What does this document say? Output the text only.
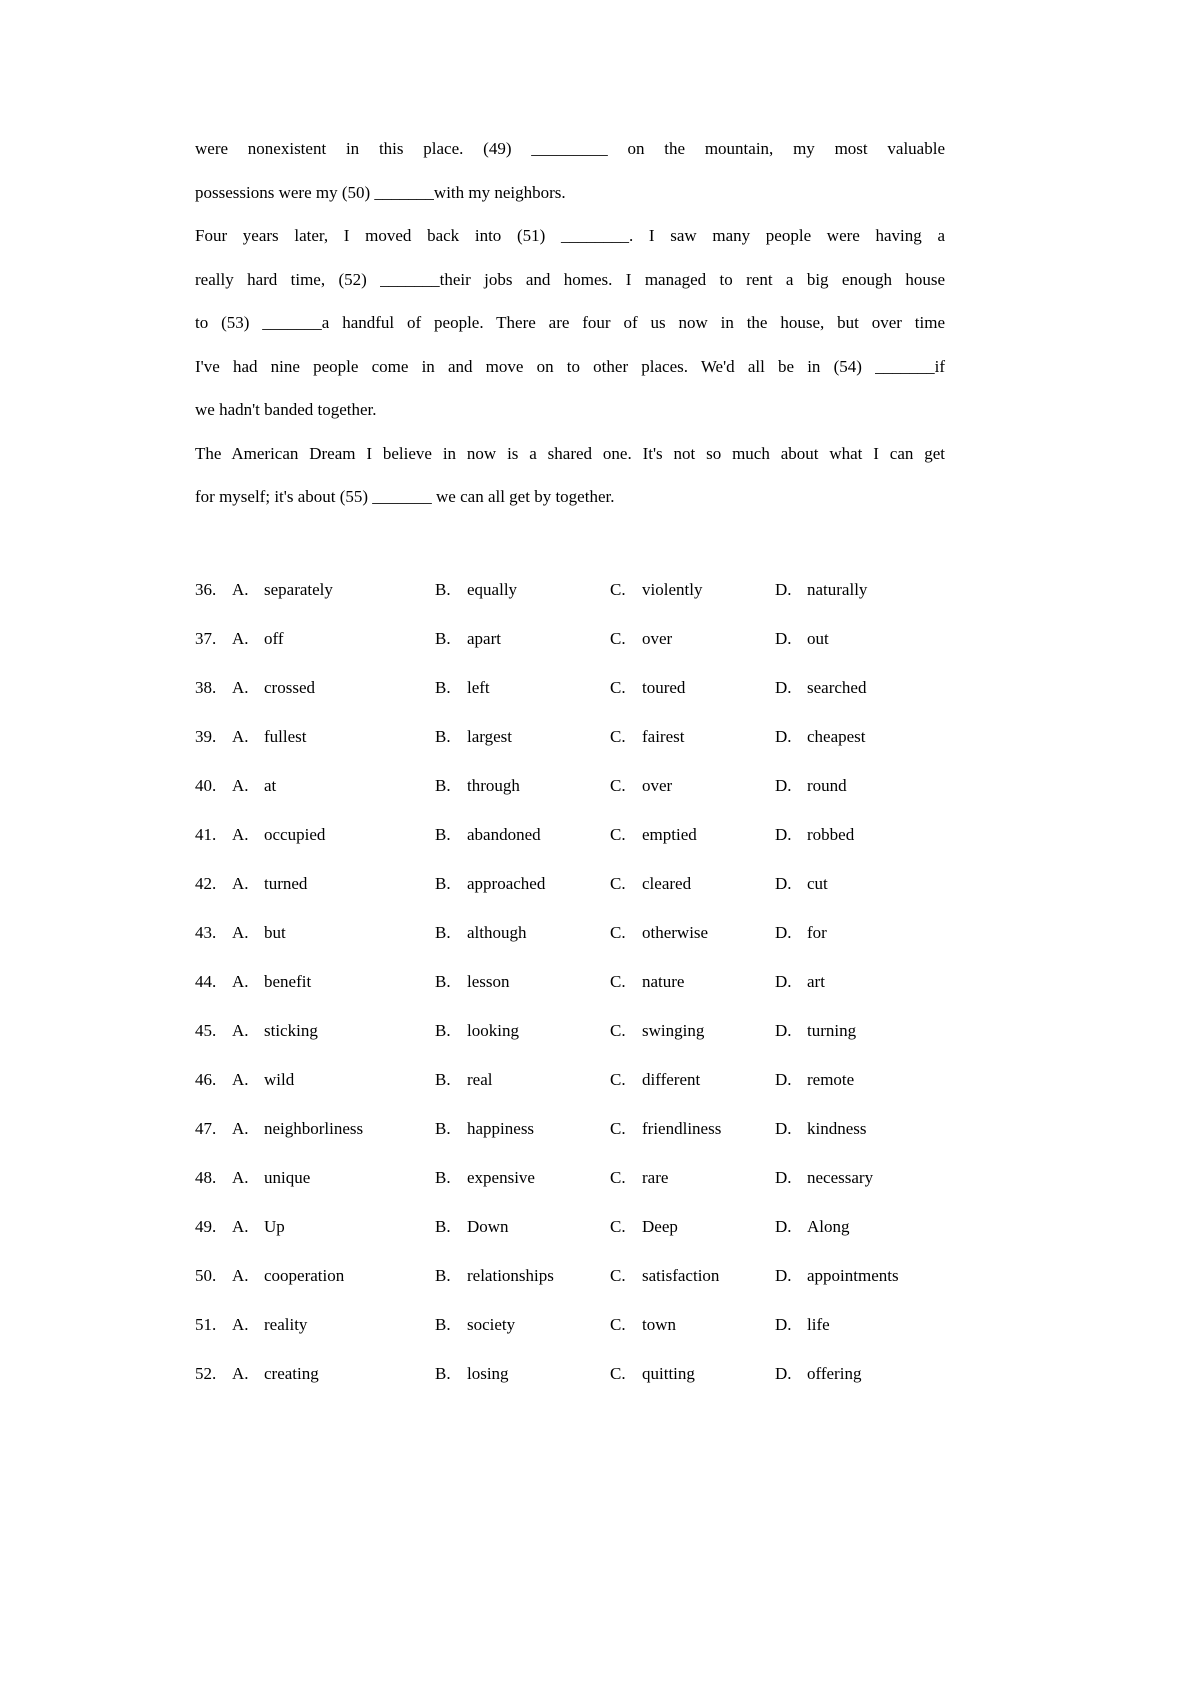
were nonexistent in this place. (49) _________ on the mountain, my most valuable
possessions were my (50) _______with my neighbors.
Four years later, I moved back into (51) ________. I saw many people were having a
really hard time, (52) _______their jobs and homes. I managed to rent a big enough house
to (53) _______a handful of people. There are four of us now in the house, but over time
I've had nine people come in and move on to other places. We'd all be in (54) _______if
we hadn't banded together.
The American Dream I believe in now is a shared one. It's not so much about what I can get
for myself; it's about (55) _______ we can all get by together.
36. A. separately	B. equally	C. violently	D. naturally
37. A. off	B. apart	C. over	D. out
38. A. crossed	B. left	C. toured	D. searched
39. A. fullest	B. largest	C. fairest	D. cheapest
40. A. at	B. through	C. over	D. round
41. A. occupied	B. abandoned	C. emptied	D. robbed
42. A. turned	B. approached	C. cleared	D. cut
43. A. but	B. although	C. otherwise	D. for
44. A. benefit	B. lesson	C. nature	D. art
45. A. sticking	B. looking	C. swinging	D. turning
46. A. wild	B. real	C. different	D. remote
47. A. neighborliness	B. happiness	C. friendliness	D. kindness
48. A. unique	B. expensive	C. rare	D. necessary
49. A. Up	B. Down	C. Deep	D. Along
50. A. cooperation	B. relationships	C. satisfaction	D. appointments
51. A. reality	B. society	C. town	D. life
52. A. creating	B. losing	C. quitting	D. offering
